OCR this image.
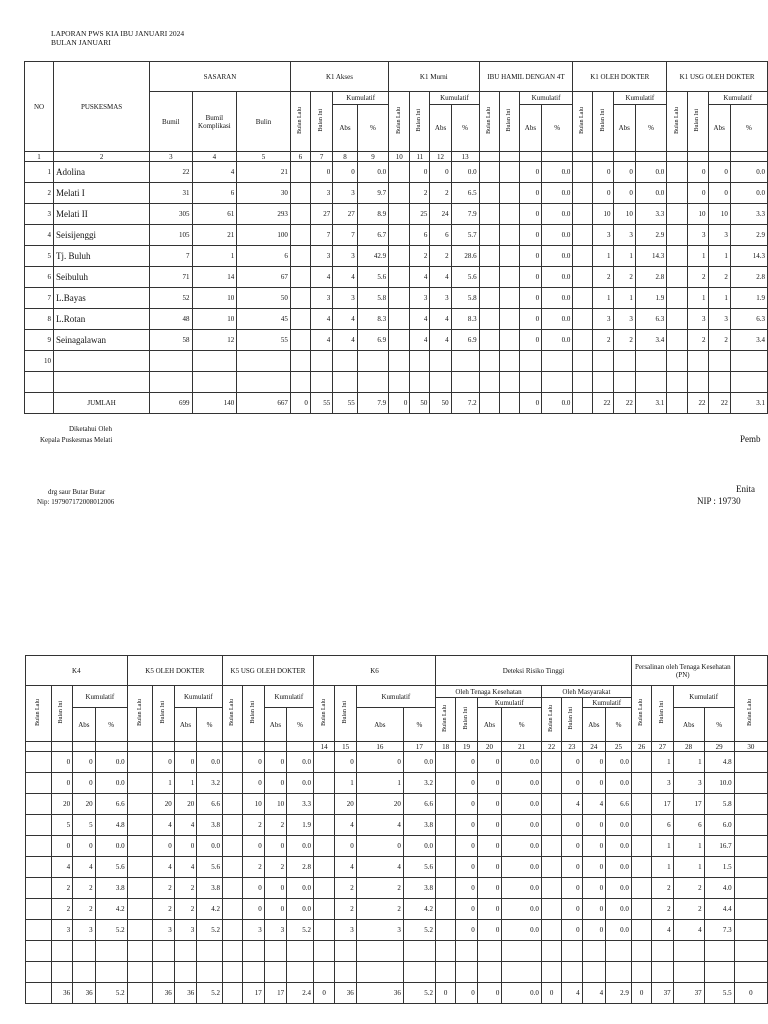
LAPORAN PWS KIA IBU JANUARI 2024
BULAN JANUARI
NO	PUSKESMAS	SASARAN			K1 Akses				K1 Murni				IBU HAMIL DENGAN 4T				K1 OLEH DOKTER				K1 USG OLEH DOKTER			
		Bumil	Bumil Komplikasi	Bulin	Bulan Lalu	Bulan Ini	Kumulatif		Bulan Lalu	Bulan Ini	Kumulatif		Bulan Lalu	Bulan Ini	Kumulatif		Bulan Lalu	Bulan Ini	Kumulatif		Bulan Lalu	Bulan Ini	Kumulatif	
							Abs	%			Abs	%			Abs	%			Abs	%			Abs	%
1	2	3	4	5	6	7	8	9	10	11	12	13												
1	Adolina	22	4	21		0	0	0.0		0	0	0.0			0	0.0		0	0	0.0		0	0	0.0
2	Melati I	31	6	30		3	3	9.7		2	2	6.5			0	0.0		0	0	0.0		0	0	0.0
3	Melati II	305	61	293		27	27	8.9		25	24	7.9			0	0.0		10	10	3.3		10	10	3.3
4	Seisijenggi	105	21	100		7	7	6.7		6	6	5.7			0	0.0		3	3	2.9		3	3	2.9
5	Tj. Buluh	7	1	6		3	3	42.9		2	2	28.6			0	0.0		1	1	14.3		1	1	14.3
6	Seibuluh	71	14	67		4	4	5.6		4	4	5.6			0	0.0		2	2	2.8		2	2	2.8
7	L.Bayas	52	10	50		3	3	5.8		3	3	5.8			0	0.0		1	1	1.9		1	1	1.9
8	L.Rotan	48	10	45		4	4	8.3		4	4	8.3			0	0.0		3	3	6.3		3	3	6.3
9	Seinagalawan	58	12	55		4	4	6.9		4	4	6.9			0	0.0		2	2	3.4		2	2	3.4
10																								

	JUMLAH	699	140	667	0	55	55	7.9	0	50	50	7.2			0	0.0		22	22	3.1		22	22	3.1
Diketahui Oleh
Kepala Puskesmas Melati
drg saur Butar Butar
Nip: 197907172008012006
Pemb
Enita
NIP : 19730
K4				K5 OLEH DOKTER				K5 USG OLEH DOKTER				K6				Deteksi Risiko Tinggi								Persalinan oleh Tenaga Kesehatan (PN)				
Bulan Lalu	Bulan Ini	Kumulatif		Bulan Lalu	Bulan Ini	Kumulatif		Bulan Lalu	Bulan Ini	Kumulatif		Bulan Lalu	Bulan Ini	Kumulatif		Oleh Tenaga Kesehatan				Oleh Masyarakat				Bulan Lalu	Bulan Ini	Kumulatif		Bulan Lalu
																Bulan Lalu	Bulan Ini	Kumulatif		Bulan Lalu	Bulan Ini	Kumulatif						
		Abs	%			Abs	%			Abs	%			Abs	%			Abs	%			Abs	%			Abs	%	
												14	15	16	17	18	19	20	21	22	23	24	25	26	27	28	29	30
	0	0	0.0		0	0	0.0		0	0	0.0		0	0	0.0		0	0	0.0		0	0	0.0		1	1	4.8	
	0	0	0.0		1	1	3.2		0	0	0.0		1	1	3.2		0	0	0.0		0	0	0.0		3	3	10.0	
	20	20	6.6		20	20	6.6		10	10	3.3		20	20	6.6		0	0	0.0		4	4	6.6		17	17	5.8	
	5	5	4.8		4	4	3.8		2	2	1.9		4	4	3.8		0	0	0.0		0	0	0.0		6	6	6.0	
	0	0	0.0		0	0	0.0		0	0	0.0		0	0	0.0		0	0	0.0		0	0	0.0		1	1	16.7	
	4	4	5.6		4	4	5.6		2	2	2.8		4	4	5.6		0	0	0.0		0	0	0.0		1	1	1.5	
	2	2	3.8		2	2	3.8		0	0	0.0		2	2	3.8		0	0	0.0		0	0	0.0		2	2	4.0	
	2	2	4.2		2	2	4.2		0	0	0.0		2	2	4.2		0	0	0.0		0	0	0.0		2	2	4.4	
	3	3	5.2		3	3	5.2		3	3	5.2		3	3	5.2		0	0	0.0		0	0	0.0		4	4	7.3	

	36	36	5.2		36	36	5.2		17	17	2.4	0	36	36	5.2	0	0	0	0.0	0	4	4	2.9	0	37	37	5.5	0
